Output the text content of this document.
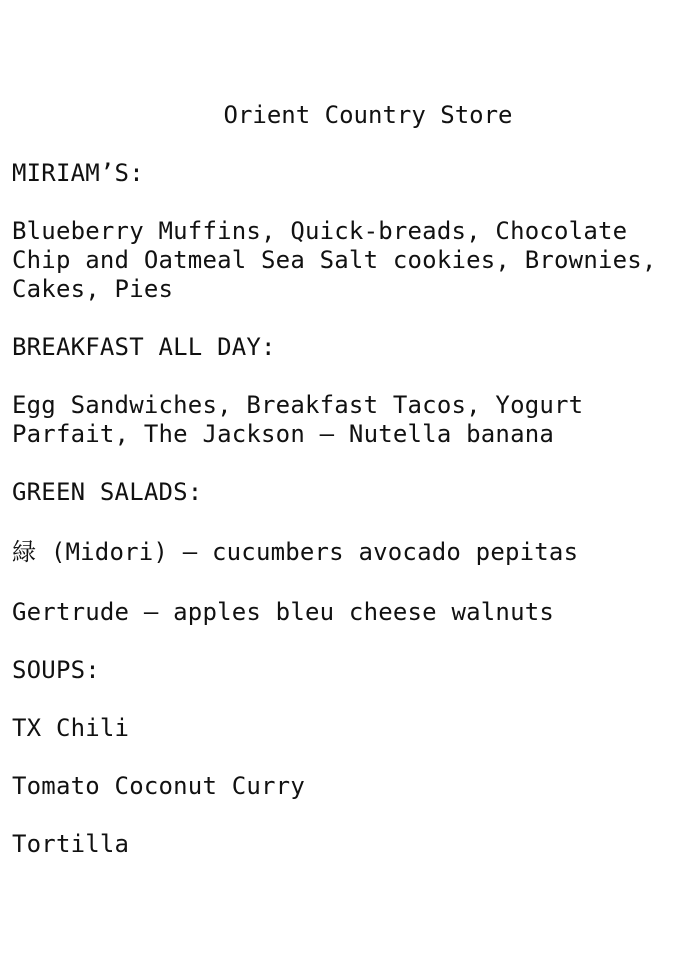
Orient Country Store
MIRIAM’S:
Blueberry Muffins, Quick-breads, Chocolate
Chip and Oatmeal Sea Salt cookies, Brownies,
Cakes, Pies
BREAKFAST ALL DAY:
Egg Sandwiches, Breakfast Tacos, Yogurt
Parfait, The Jackson – Nutella banana
GREEN SALADS:
緑 (Midori) – cucumbers avocado pepitas
Gertrude – apples bleu cheese walnuts
SOUPS:
TX Chili
Tomato Coconut Curry
Tortilla
